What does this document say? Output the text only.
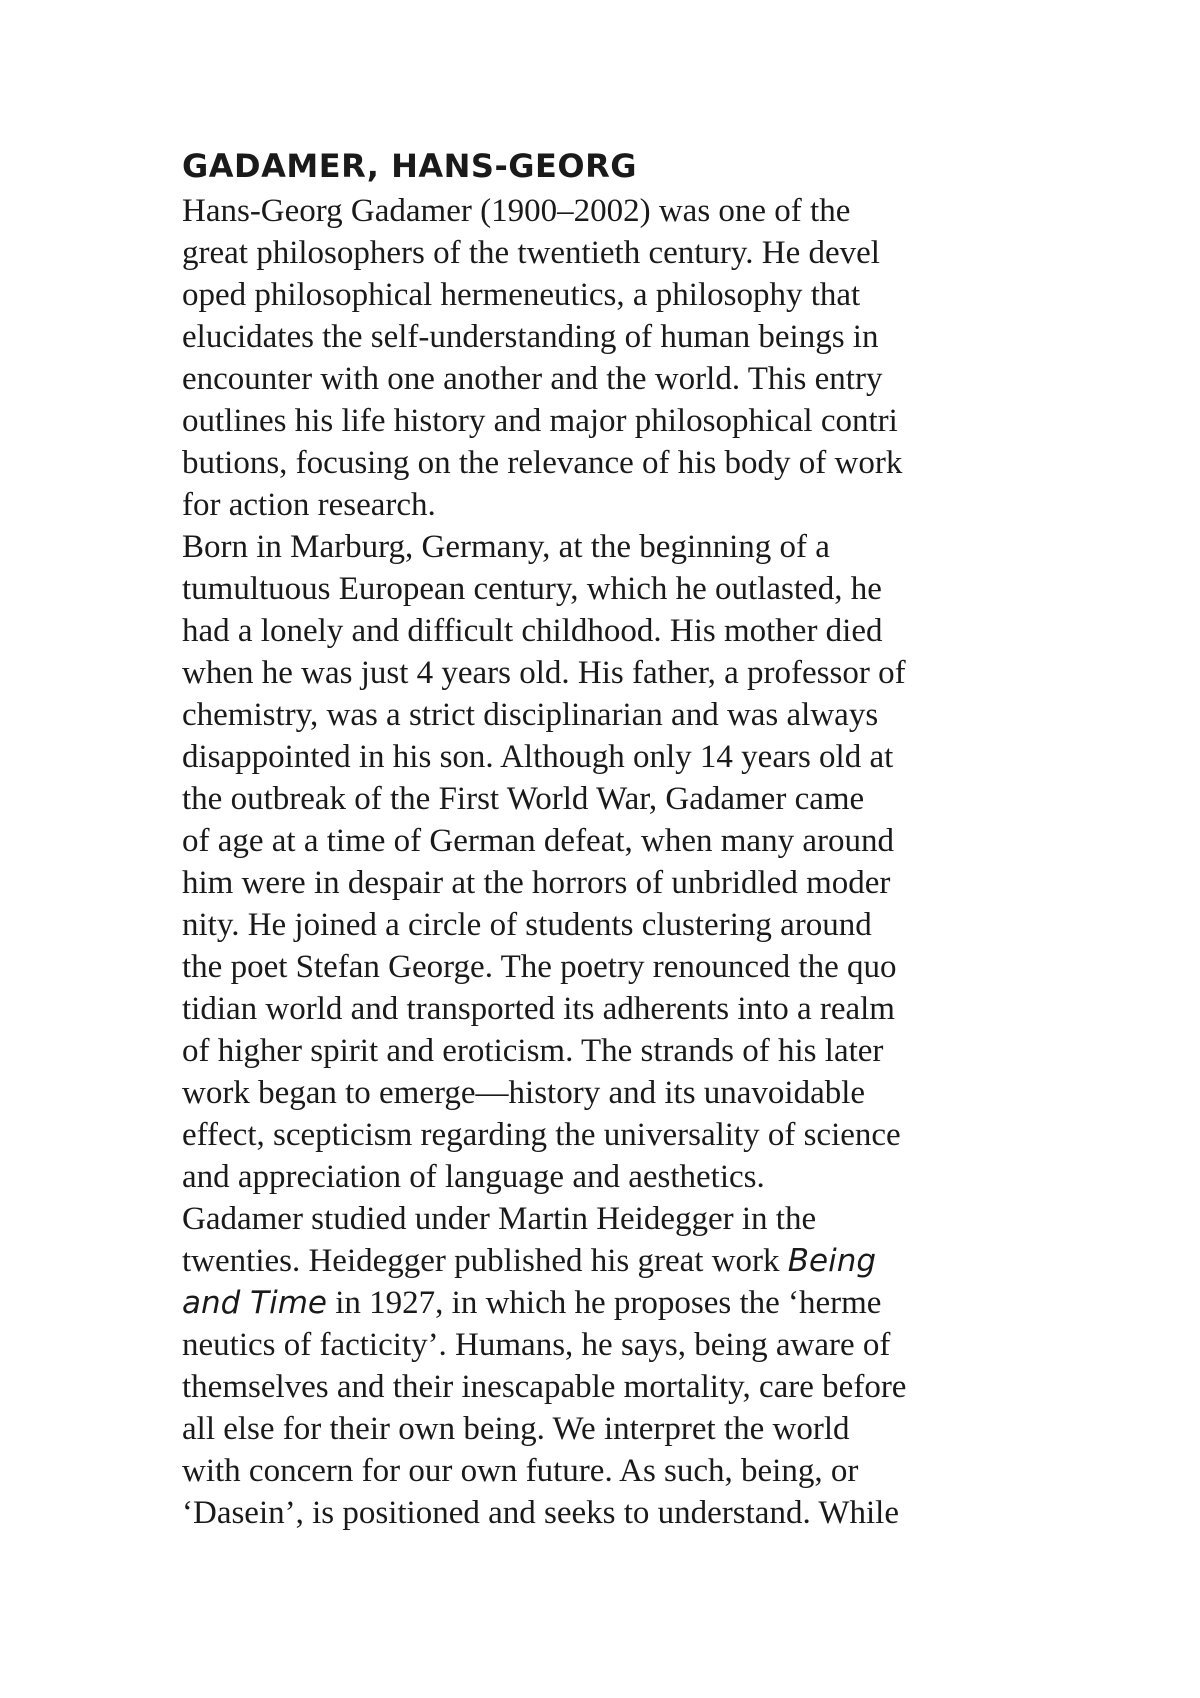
GADAMER, HANS-GEORG
Hans-Georg Gadamer (1900–2002) was one of the
great philosophers of the twentieth century. He devel
oped philosophical hermeneutics, a philosophy that
elucidates the self-understanding of human beings in
encounter with one another and the world. This entry
outlines his life history and major philosophical contri
butions, focusing on the relevance of his body of work
for action research.
Born in Marburg, Germany, at the beginning of a
tumultuous European century, which he outlasted, he
had a lonely and difficult childhood. His mother died
when he was just 4 years old. His father, a professor of
chemistry, was a strict disciplinarian and was always
disappointed in his son. Although only 14 years old at
the outbreak of the First World War, Gadamer came
of age at a time of German defeat, when many around
him were in despair at the horrors of unbridled moder
nity. He joined a circle of students clustering around
the poet Stefan George. The poetry renounced the quo
tidian world and transported its adherents into a realm
of higher spirit and eroticism. The strands of his later
work began to emerge—history and its unavoidable
effect, scepticism regarding the universality of science
and appreciation of language and aesthetics.
Gadamer studied under Martin Heidegger in the
twenties. Heidegger published his great work Being
and Time in 1927, in which he proposes the ‘herme
neutics of facticity’. Humans, he says, being aware of
themselves and their inescapable mortality, care before
all else for their own being. We interpret the world
with concern for our own future. As such, being, or
‘Dasein’, is positioned and seeks to understand. While
